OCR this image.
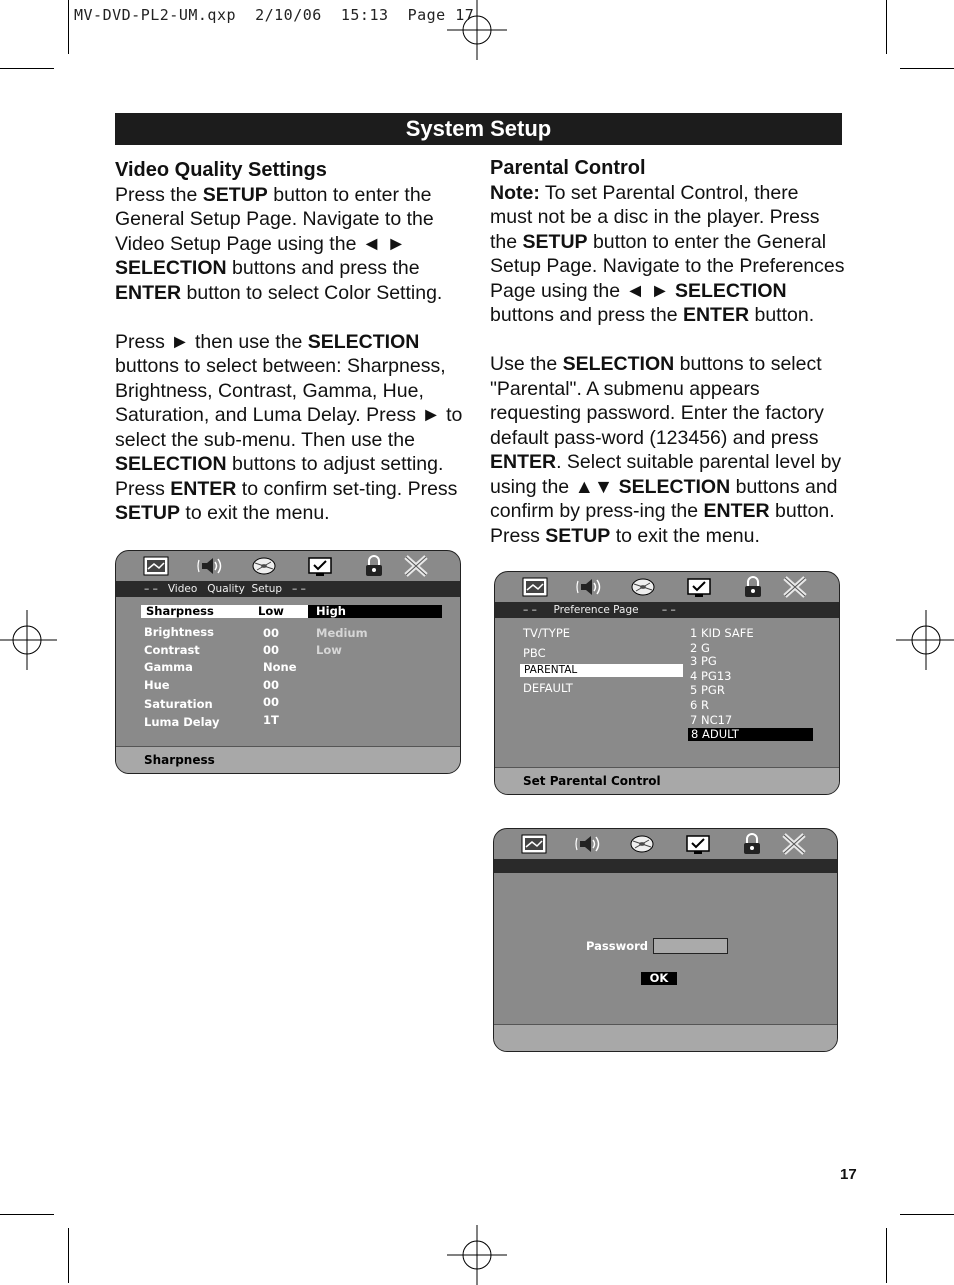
MV-DVD-PL2-UM.qxp  2/10/06  15:13  Page 17
System Setup

Video Quality Settings

Press the SETUP button to enter the General Setup Page. Navigate to the Video Setup Page using the ◄ ► SELECTION buttons and press the ENTER button to select Color Setting.

Press ► then use the SELECTION buttons to select between: Sharpness, Brightness, Contrast, Gamma, Hue, Saturation, and Luma Delay. Press ► to select the sub-menu. Then use the SELECTION buttons to adjust setting. Press ENTER to confirm set-ting. Press SETUP to exit the menu.

Parental Control

Note: To set Parental Control, there must not be a disc in the player. Press the SETUP button to enter the General Setup Page. Navigate to the Preferences Page using the ◄ ► SELECTION buttons and press the ENTER button.

Use the SELECTION buttons to select "Parental". A submenu appears requesting password. Enter the factory default pass-word (123456) and press ENTER. Select suitable parental level by using the ▲▼ SELECTION buttons and confirm by press-ing the ENTER button. Press SETUP to exit the menu.

– –   Video   Quality  Setup   – –
Sharpness	Low	High
Brightness
Contrast
Gamma
Hue
Saturation
Luma Delay
00
00
None
00
00
1T
Medium
Low
Sharpness
– –     Preference Page       – –
TV/TYPE
PBC
PARENTAL
DEFAULT
1 KID SAFE
2 G
3 PG
4 PG13
5 PGR
6 R
7 NC17
8 ADULT
Set Parental Control
Password
OK
17
